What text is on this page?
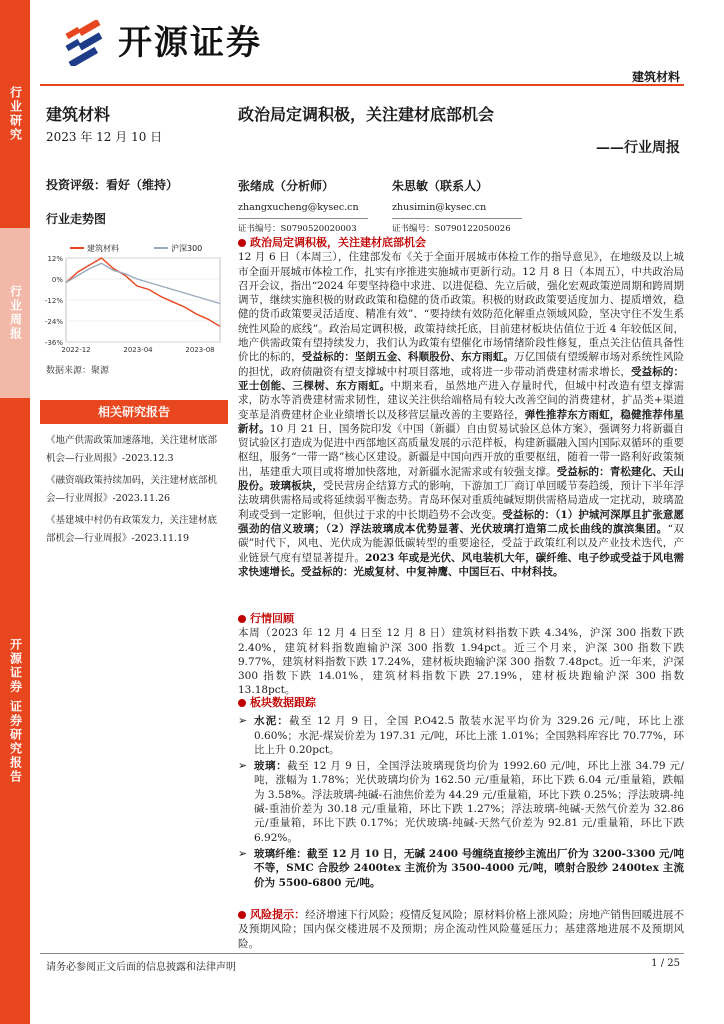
开源证券
建筑材料
行业研究
行业周报
开源证券 证券研究报告
建筑材料
2023 年 12 月 10 日
政治局定调积极，关注建材底部机会
——行业周报
投资评级：看好（维持）
行业走势图
12%
0%
-12%
-24%
-36%
2022-12	2023-04	2023-08
建筑材料	沪深300
数据来源：聚源
相关研究报告
《地产供需政策加速落地，关注建材底部机会—行业周报》-2023.12.3
《融资端政策持续加码，关注建材底部机会—行业周报》-2023.11.26
《基建城中村仍有政策发力，关注建材底部机会—行业周报》-2023.11.19
张绪成（分析师）
zhangxucheng@kysec.cn
证书编号：S0790520020003
朱思敏（联系人）
zhusimin@kysec.cn
证书编号：S0790122050026
政治局定调积极，关注建材底部机会
12 月 6 日（本周三），住建部发布《关于全面开展城市体检工作的指导意见》，在地级及以上城市全面开展城市体检工作，扎实有序推进实施城市更新行动。12 月 8 日（本周五），中共政治局召开会议，指出“2024 年要坚持稳中求进、以进促稳、先立后破，强化宏观政策逆周期和跨周期调节，继续实施积极的财政政策和稳健的货币政策。积极的财政政策要适度加力、提质增效，稳健的货币政策要灵活适度、精准有效”、“要持续有效防范化解重点领域风险，坚决守住不发生系统性风险的底线”。政治局定调积极，政策持续托底，目前建材板块估值位于近 4 年较低区间，地产供需政策有望持续发力，我们认为政策有望催化市场情绪阶段性修复，重点关注估值具备性价比的标的，受益标的：坚朗五金、科顺股份、东方雨虹。万亿国债有望缓解市场对系统性风险的担忧，政府债融资有望支撑城中村项目落地，或将进一步带动消费建材需求增长，受益标的：亚士创能、三棵树、东方雨虹。中期来看，虽然地产进入存量时代，但城中村改造有望支撑需求，防水等消费建材需求韧性，建议关注供给端格局有较大改善空间的消费建材，扩品类+渠道变革是消费建材企业业绩增长以及移营层量改善的主要路径，弹性推荐东方雨虹，稳健推荐伟星新材。10 月 21 日，国务院印发《中国（新疆）自由贸易试验区总体方案》，强调努力将新疆自贸试验区打造成为促进中西部地区高质量发展的示范样板，构建新疆融入国内国际双循环的重要枢纽，服务“一带一路”核心区建设。新疆是中国向西开放的重要枢纽，随着一带一路利好政策频出，基建重大项目或将增加快落地，对新疆水泥需求或有较强支撑。受益标的：青松建化、天山股份。玻璃板块，受民营房企结算方式的影响，下游加工厂商订单回暖节奏趋缓，预计下半年浮法玻璃供需格局或将延续弱平衡态势。青岛环保对重质纯碱短期供需格局造成一定扰动，玻璃盈利或受到一定影响，但供过于求的中长期趋势不会改变。受益标的：（1）护城河深厚且扩张意愿强劲的信义玻璃；（2）浮法玻璃成本优势显著、光伏玻璃打造第二成长曲线的旗滨集团。“双碳”时代下，风电、光伏成为能源低碳转型的重要途径，受益于政策红利以及产业技术迭代，产业链景气度有望显著提升。2023 年或是光伏、风电装机大年，碳纤维、电子纱或受益于风电需求快速增长。受益标的：光威复材、中复神鹰、中国巨石、中材科技。
行情回顾
本周（2023 年 12 月 4 日至 12 月 8 日）建筑材料指数下跌 4.34%，沪深 300 指数下跌 2.40%，建筑材料指数跑输沪深 300 指数 1.94pct。近三个月来，沪深 300 指数下跌 9.77%，建筑材料指数下跌 17.24%，建材板块跑输沪深 300 指数 7.48pct。近一年来，沪深 300 指数下跌 14.01%，建筑材料指数下跌 27.19%，建材板块跑输沪深 300 指数 13.18pct。
板块数据跟踪
➢ 水泥：截至 12 月 9 日，全国 P.O42.5 散装水泥平均价为 329.26 元/吨，环比上涨 0.60%；水泥-煤炭价差为 197.31 元/吨，环比上涨 1.01%；全国熟料库容比 70.77%，环比上升 0.20pct。
➢ 玻璃：截至 12 月 9 日，全国浮法玻璃现货均价为 1992.60 元/吨，环比上涨 34.79 元/吨，涨幅为 1.78%；光伏玻璃均价为 162.50 元/重量箱，环比下跌 6.04 元/重量箱，跌幅为 3.58%。浮法玻璃-纯碱-石油焦价差为 44.29 元/重量箱，环比下跌 0.25%；浮法玻璃-纯碱-重油价差为 30.18 元/重量箱，环比下跌 1.27%；浮法玻璃-纯碱-天然气价差为 32.86 元/重量箱，环比下跌 0.17%；光伏玻璃-纯碱-天然气价差为 92.81 元/重量箱，环比下跌 6.92%。
➢ 玻璃纤维：截至 12 月 10 日，无碱 2400 号缠绕直接纱主流出厂价为 3200-3300 元/吨不等，SMC 合股纱 2400tex 主流价为 3500-4000 元/吨，喷射合股纱 2400tex 主流价为 5500-6800 元/吨。
风险提示：经济增速下行风险；疫情反复风险；原材料价格上涨风险；房地产销售回暖进展不及预期风险；国内保交楼进展不及预期；房企流动性风险蔓延压力；基建落地进展不及预期风险。
请务必参阅正文后面的信息披露和法律声明	1 / 25
